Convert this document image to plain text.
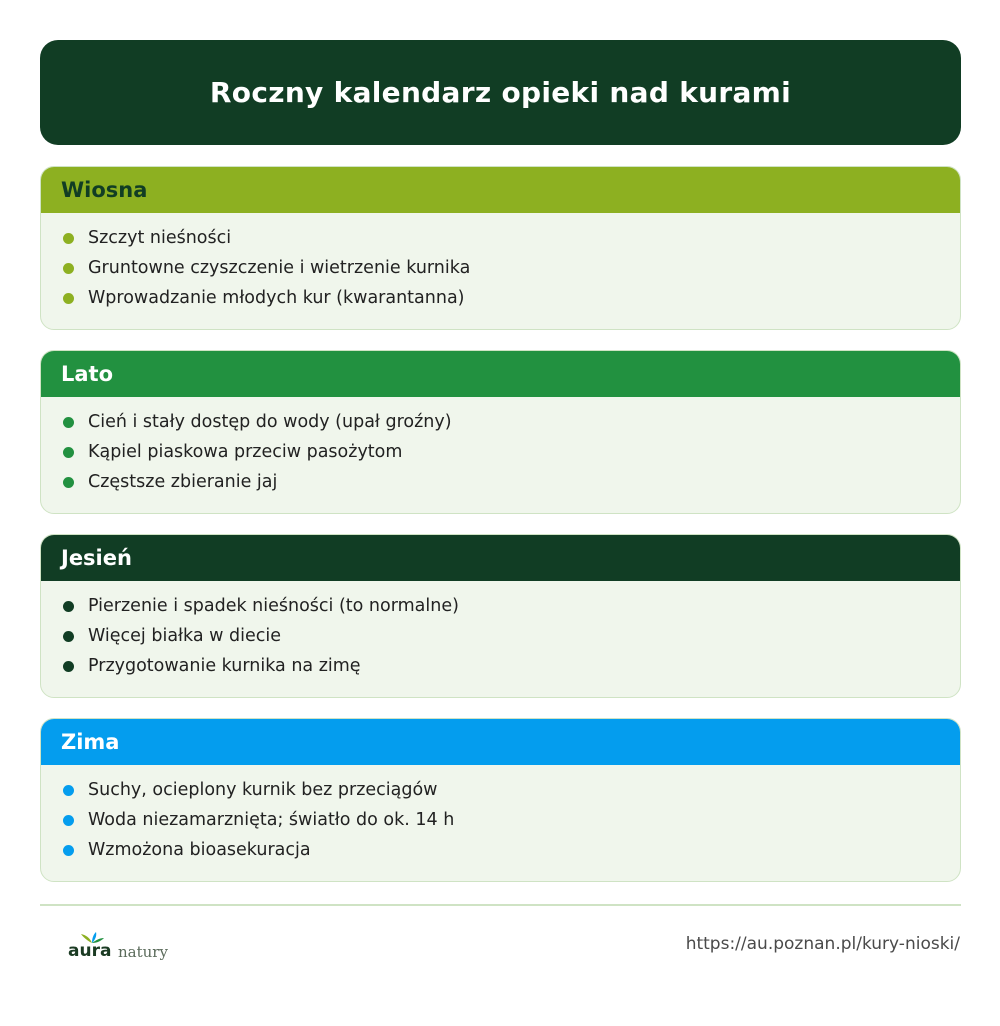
Roczny kalendarz opieki nad kurami
Wiosna
Szczyt nieśności
Gruntowne czyszczenie i wietrzenie kurnika
Wprowadzanie młodych kur (kwarantanna)
Lato
Cień i stały dostęp do wody (upał groźny)
Kąpiel piaskowa przeciw pasożytom
Częstsze zbieranie jaj
Jesień
Pierzenie i spadek nieśności (to normalne)
Więcej białka w diecie
Przygotowanie kurnika na zimę
Zima
Suchy, ocieplony kurnik bez przeciągów
Woda niezamarznięta; światło do ok. 14 h
Wzmożona bioasekuracja
aura natury	https://au.poznan.pl/kury-nioski/
